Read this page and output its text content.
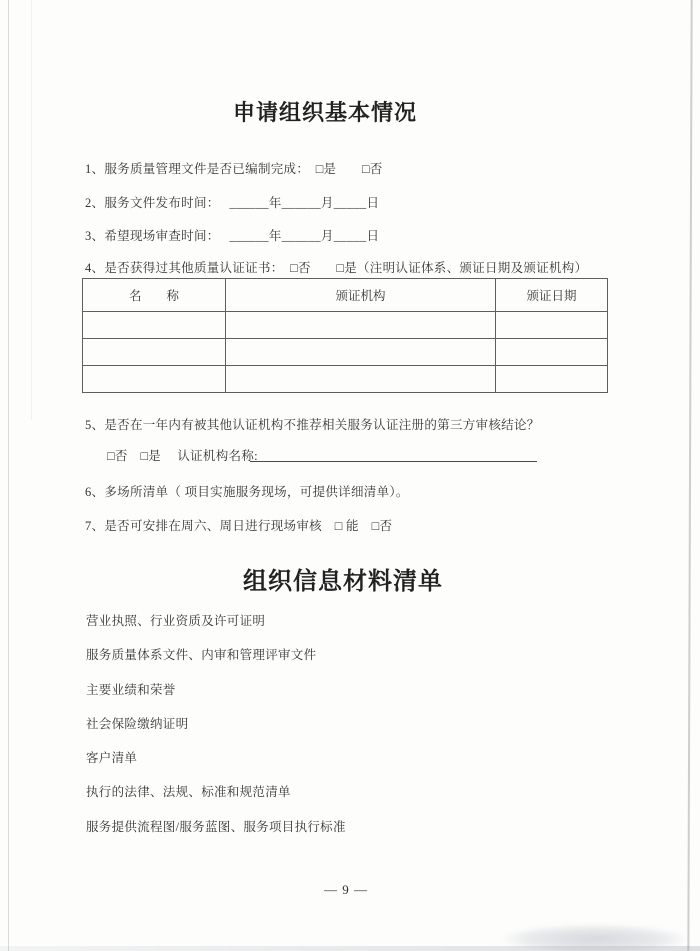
申请组织基本情况
1、服务质量管理文件是否已编制完成：　□是　　□否
2、服务文件发布时间：　 ______年______月_____日
3、希望现场审查时间：　 ______年______月_____日
4、是否获得过其他质量认证证书：　□否　　□是（注明认证体系、颁证日期及颁证机构）
名　　称	颁证机构	颁证日期

5、是否在一年内有被其他认证机构不推荐相关服务认证注册的第三方审核结论？
□否　□是　 认证机构名称:
6、多场所清单（ 项目实施服务现场，可提供详细清单）。
7、是否可安排在周六、周日进行现场审核　□ 能　□否
组织信息材料清单
营业执照、行业资质及许可证明
服务质量体系文件、内审和管理评审文件
主要业绩和荣誉
社会保险缴纳证明
客户清单
执行的法律、法规、标准和规范清单
服务提供流程图/服务蓝图、服务项目执行标准
— 9 —
